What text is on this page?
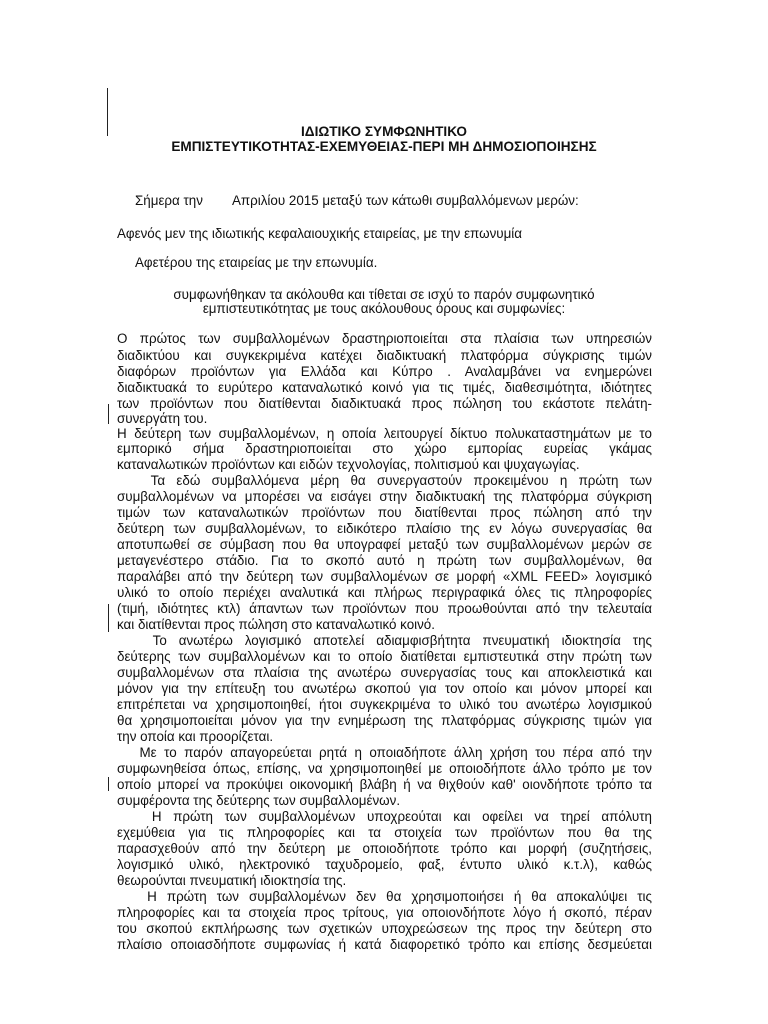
ΙΔΙΩΤΙΚΟ ΣΥΜΦΩΝΗΤΙΚΟ
ΕΜΠΙΣΤΕΥΤΙΚΟΤΗΤΑΣ-ΕΧΕΜΥΘΕΙΑΣ-ΠΕΡΙ ΜΗ ΔΗΜΟΣΙΟΠΟΙΗΣΗΣ
Σήμερα την        Απριλίου 2015 μεταξύ των κάτωθι συμβαλλόμενων μερών:
Αφενός μεν της ιδιωτικής κεφαλαιουχικής εταιρείας, με την επωνυμία
Αφετέρου της εταιρείας με την επωνυμία.
συμφωνήθηκαν τα ακόλουθα και τίθεται σε ισχύ το παρόν συμφωνητικό
εμπιστευτικότητας με τους ακόλουθους όρους και συμφωνίες:
Ο πρώτος των συμβαλλομένων δραστηριοποιείται στα πλαίσια των υπηρεσιών
διαδικτύου και συγκεκριμένα κατέχει διαδικτυακή πλατφόρμα σύγκρισης τιμών
διαφόρων προϊόντων για Ελλάδα και Κύπρο . Αναλαμβάνει να ενημερώνει
διαδικτυακά το ευρύτερο καταναλωτικό κοινό για τις τιμές, διαθεσιμότητα, ιδιότητες
των προϊόντων που διατίθενται διαδικτυακά προς πώληση του εκάστοτε πελάτη-
συνεργάτη του.
Η δεύτερη των συμβαλλομένων, η οποία λειτουργεί δίκτυο πολυκαταστημάτων με το
εμπορικό σήμα δραστηριοποιείται στο χώρο εμπορίας ευρείας γκάμας
καταναλωτικών προϊόντων και ειδών τεχνολογίας, πολιτισμού και ψυχαγωγίας.
Τα εδώ συμβαλλόμενα μέρη θα συνεργαστούν προκειμένου η πρώτη των
συμβαλλομένων να μπορέσει να εισάγει στην διαδικτυακή της πλατφόρμα σύγκριση
τιμών των καταναλωτικών προϊόντων που διατίθενται προς πώληση από την
δεύτερη των συμβαλλομένων, το ειδικότερο πλαίσιο της εν λόγω συνεργασίας θα
αποτυπωθεί σε σύμβαση που θα υπογραφεί μεταξύ των συμβαλλομένων μερών σε
μεταγενέστερο στάδιο. Για το σκοπό αυτό η πρώτη των συμβαλλομένων, θα
παραλάβει από την δεύτερη των συμβαλλομένων σε μορφή «XML FEED» λογισμικό
υλικό το οποίο περιέχει αναλυτικά και πλήρως περιγραφικά όλες τις πληροφορίες
(τιμή, ιδιότητες κτλ) άπαντων των προϊόντων που προωθούνται από την τελευταία
και διατίθενται προς πώληση στο καταναλωτικό κοινό.
Το ανωτέρω λογισμικό αποτελεί αδιαμφισβήτητα πνευματική ιδιοκτησία της
δεύτερης των συμβαλλομένων και το οποίο διατίθεται εμπιστευτικά στην πρώτη των
συμβαλλομένων στα πλαίσια της ανωτέρω συνεργασίας τους και αποκλειστικά και
μόνον για την επίτευξη του ανωτέρω σκοπού για τον οποίο και μόνον μπορεί και
επιτρέπεται να χρησιμοποιηθεί, ήτοι συγκεκριμένα το υλικό του ανωτέρω λογισμικού
θα χρησιμοποιείται μόνον για την ενημέρωση της πλατφόρμας σύγκρισης τιμών για
την οποία και προορίζεται.
Με το παρόν απαγορεύεται ρητά η οποιαδήποτε άλλη χρήση του πέρα από την
συμφωνηθείσα όπως, επίσης, να χρησιμοποιηθεί με οποιοδήποτε άλλο τρόπο με τον
οποίο μπορεί να προκύψει οικονομική βλάβη ή να θιχθούν καθ' οιονδήποτε τρόπο τα
συμφέροντα της δεύτερης των συμβαλλομένων.
Η πρώτη των συμβαλλομένων υποχρεούται και οφείλει να τηρεί απόλυτη
εχεμύθεια για τις πληροφορίες και τα στοιχεία των προϊόντων που θα της
παρασχεθούν από την δεύτερη με οποιοδήποτε τρόπο και μορφή (συζητήσεις,
λογισμικό υλικό, ηλεκτρονικό ταχυδρομείο, φαξ, έντυπο υλικό κ.τ.λ), καθώς
θεωρούνται πνευματική ιδιοκτησία της.
Η πρώτη των συμβαλλομένων δεν θα χρησιμοποιήσει ή θα αποκαλύψει τις
πληροφορίες και τα στοιχεία προς τρίτους, για οποιονδήποτε λόγο ή σκοπό, πέραν
του σκοπού εκπλήρωσης των σχετικών υποχρεώσεων της προς την δεύτερη στο
πλαίσιο οποιασδήποτε συμφωνίας ή κατά διαφορετικό τρόπο και επίσης δεσμεύεται
